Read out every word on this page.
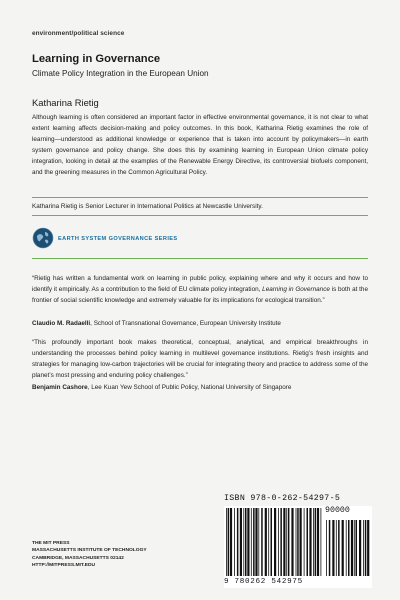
environment/political science
Learning in Governance
Climate Policy Integration in the European Union
Katharina Rietig
Although learning is often considered an important factor in effective environmental governance, it is not clear to what extent learning affects decision-making and policy outcomes. In this book, Katharina Rietig examines the role of learning—understood as additional knowledge or experience that is taken into account by policymakers—in earth system governance and policy change. She does this by examining learning in European Union climate policy integration, looking in detail at the examples of the Renewable Energy Directive, its controversial biofuels component, and the greening measures in the Common Agricultural Policy.
Katharina Rietig is Senior Lecturer in International Politics at Newcastle University.
EARTH SYSTEM GOVERNANCE SERIES
“Rietig has written a fundamental work on learning in public policy, explaining where and why it occurs and how to identify it empirically. As a contribution to the field of EU climate policy integration, Learning in Governance is both at the frontier of social scientific knowledge and extremely valuable for its implications for ecological transition.”
Claudio M. Radaelli, School of Transnational Governance, European University Institute
“This profoundly important book makes theoretical, conceptual, analytical, and empirical breakthroughs in understanding the processes behind policy learning in multilevel governance institutions. Rietig’s fresh insights and strategies for managing low-carbon trajectories will be crucial for integrating theory and practice to address some of the planet’s most pressing and enduring policy challenges.”
Benjamin Cashore, Lee Kuan Yew School of Public Policy, National University of Singapore
THE MIT PRESS
MASSACHUSETTS INSTITUTE OF TECHNOLOGY
CAMBRIDGE, MASSACHUSETTS 02142
HTTP://MITPRESS.MIT.EDU
ISBN 978-0-262-54297-5
90000
9 780262 542975
